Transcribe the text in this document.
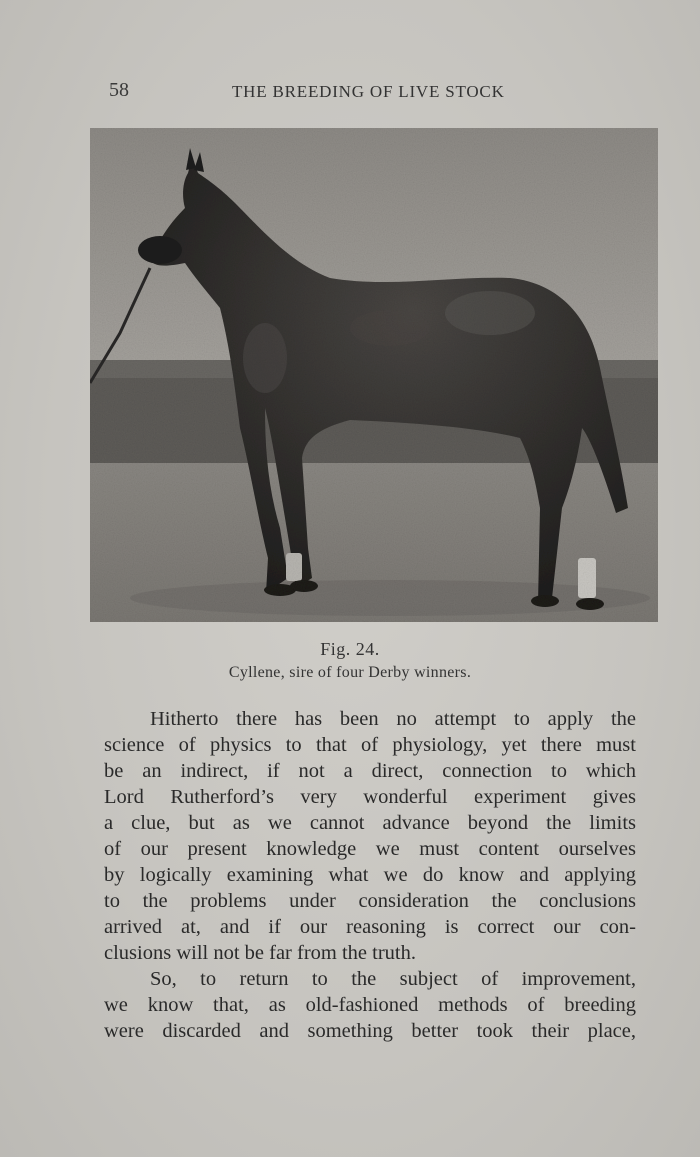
58	THE BREEDING OF LIVE STOCK
Fig. 24.
Cyllene, sire of four Derby winners.
Hitherto there has been no attempt to apply the
science of physics to that of physiology, yet there must
be an indirect, if not a direct, connection to which
Lord Rutherford’s very wonderful experiment gives
a clue, but as we cannot advance beyond the limits
of our present knowledge we must content ourselves
by logically examining what we do know and applying
to the problems under consideration the conclusions
arrived at, and if our reasoning is correct our con-
clusions will not be far from the truth.
So, to return to the subject of improvement,
we know that, as old-fashioned methods of breeding
were discarded and something better took their place,
